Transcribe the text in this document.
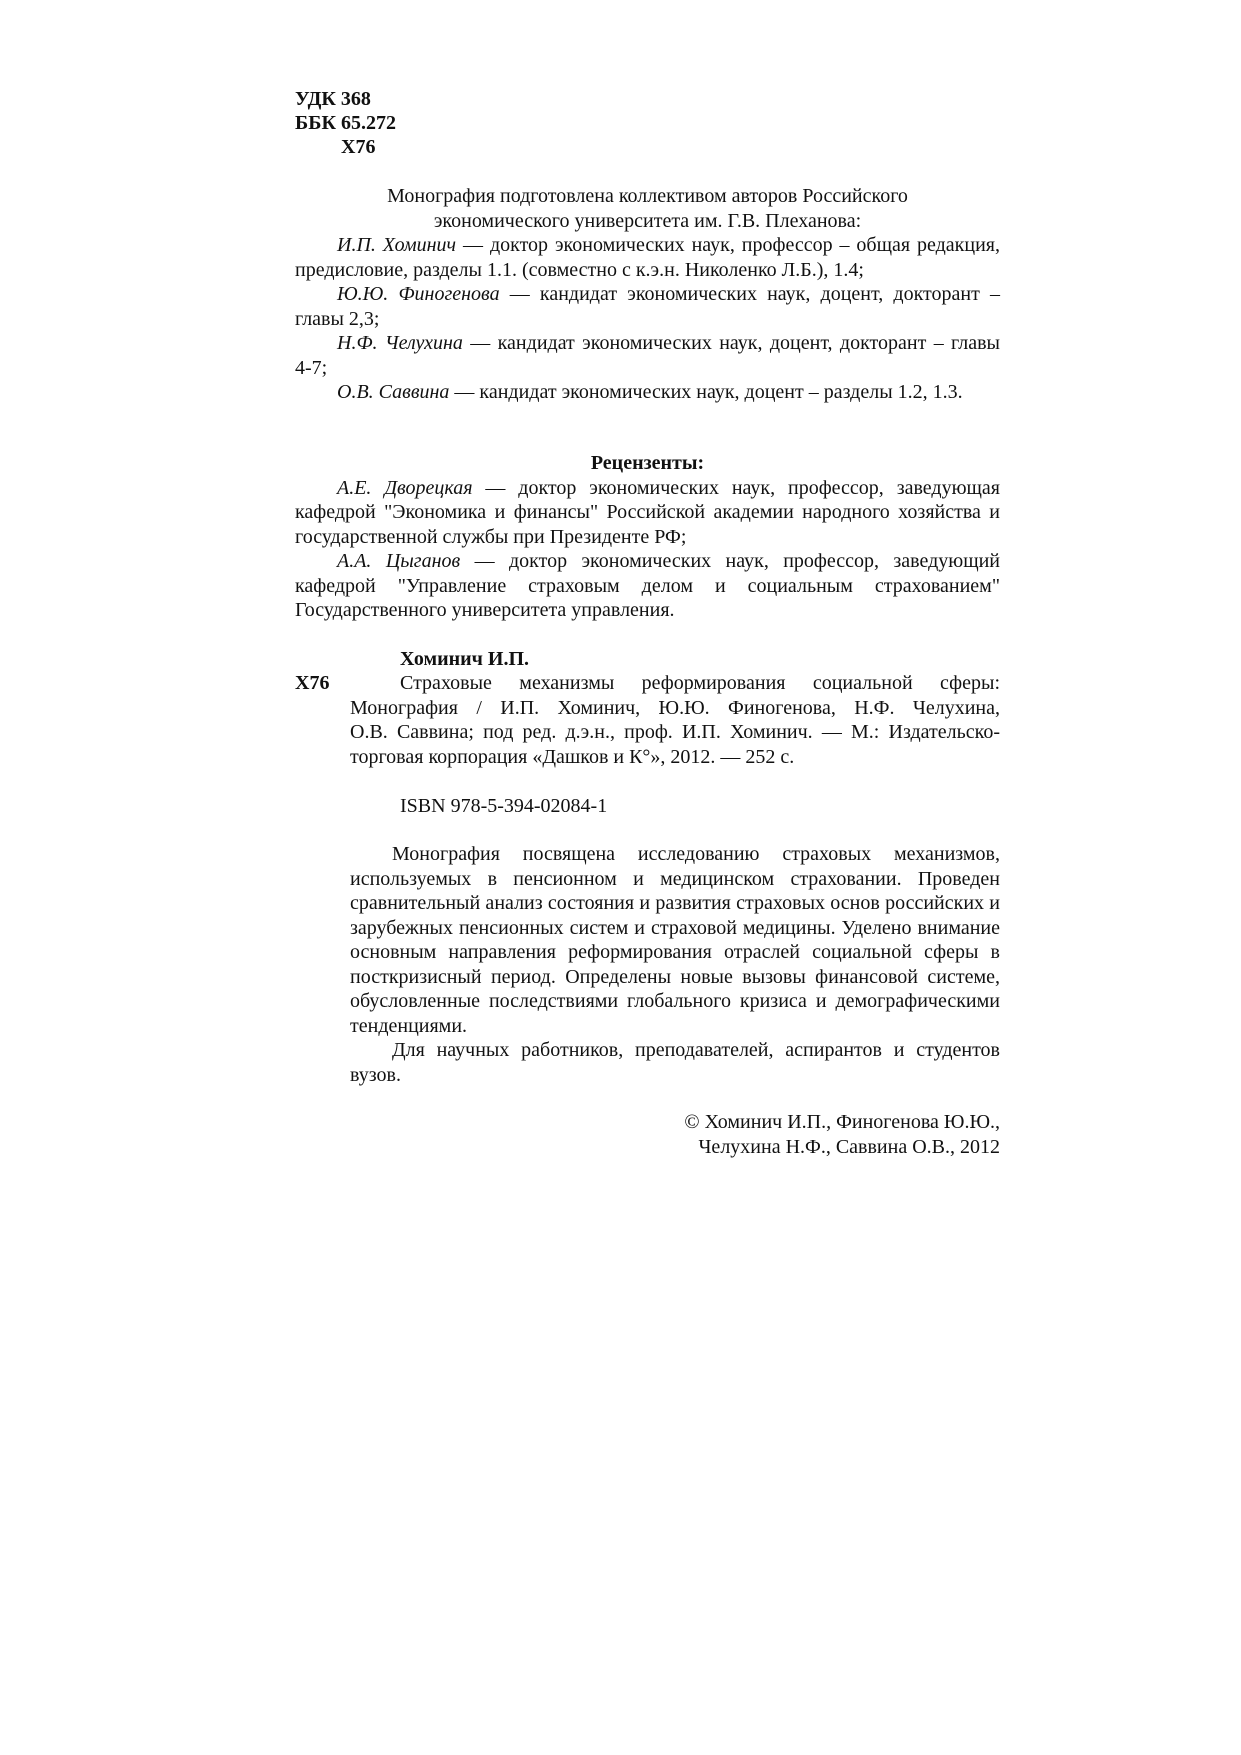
УДК 368
ББК 65.272
Х76

Монография подготовлена коллективом авторов Российского

экономического университета им. Г.В. Плеханова:

И.П. Хоминич — доктор экономических наук, профессор – общая редакция, предисловие, разделы 1.1. (совместно с к.э.н. Николенко Л.Б.), 1.4;

Ю.Ю. Финогенова — кандидат экономических наук, доцент, докторант – главы 2,3;

Н.Ф. Челухина — кандидат экономических наук, доцент, докторант – главы 4-7;

О.В. Саввина — кандидат экономических наук, доцент – разделы 1.2, 1.3.

Рецензенты:

А.Е. Дворецкая — доктор экономических наук, профессор, заведующая кафедрой "Экономика и финансы" Российской академии народного хозяйства и государственной службы при Президенте РФ;

А.А. Цыганов — доктор экономических наук, профессор, заведующий кафедрой "Управление страховым делом и социальным страхованием" Государственного университета управления.

Хоминич И.П.
Х76	Страховые механизмы реформирования социальной сферы:
Монография / И.П. Хоминич, Ю.Ю. Финогенова, Н.Ф. Челухина,
О.В. Саввина; под ред. д.э.н., проф. И.П. Хоминич. — М.: Издательско-
торговая корпорация «Дашков и К°», 2012. — 252 с.
ISBN 978-5-394-02084-1

Монография посвящена исследованию страховых механизмов, используемых в пенсионном и медицинском страховании. Проведен сравнительный анализ состояния и развития страховых основ российских и зарубежных пенсионных систем и страховой медицины. Уделено внимание основным направления реформирования отраслей социальной сферы в посткризисный период. Определены новые вызовы финансовой системе, обусловленные последствиями глобального кризиса и демографическими тенденциями.

Для научных работников, преподавателей, аспирантов и студентов вузов.

© Хоминич И.П., Финогенова Ю.Ю.,

Челухина Н.Ф., Саввина О.В., 2012
